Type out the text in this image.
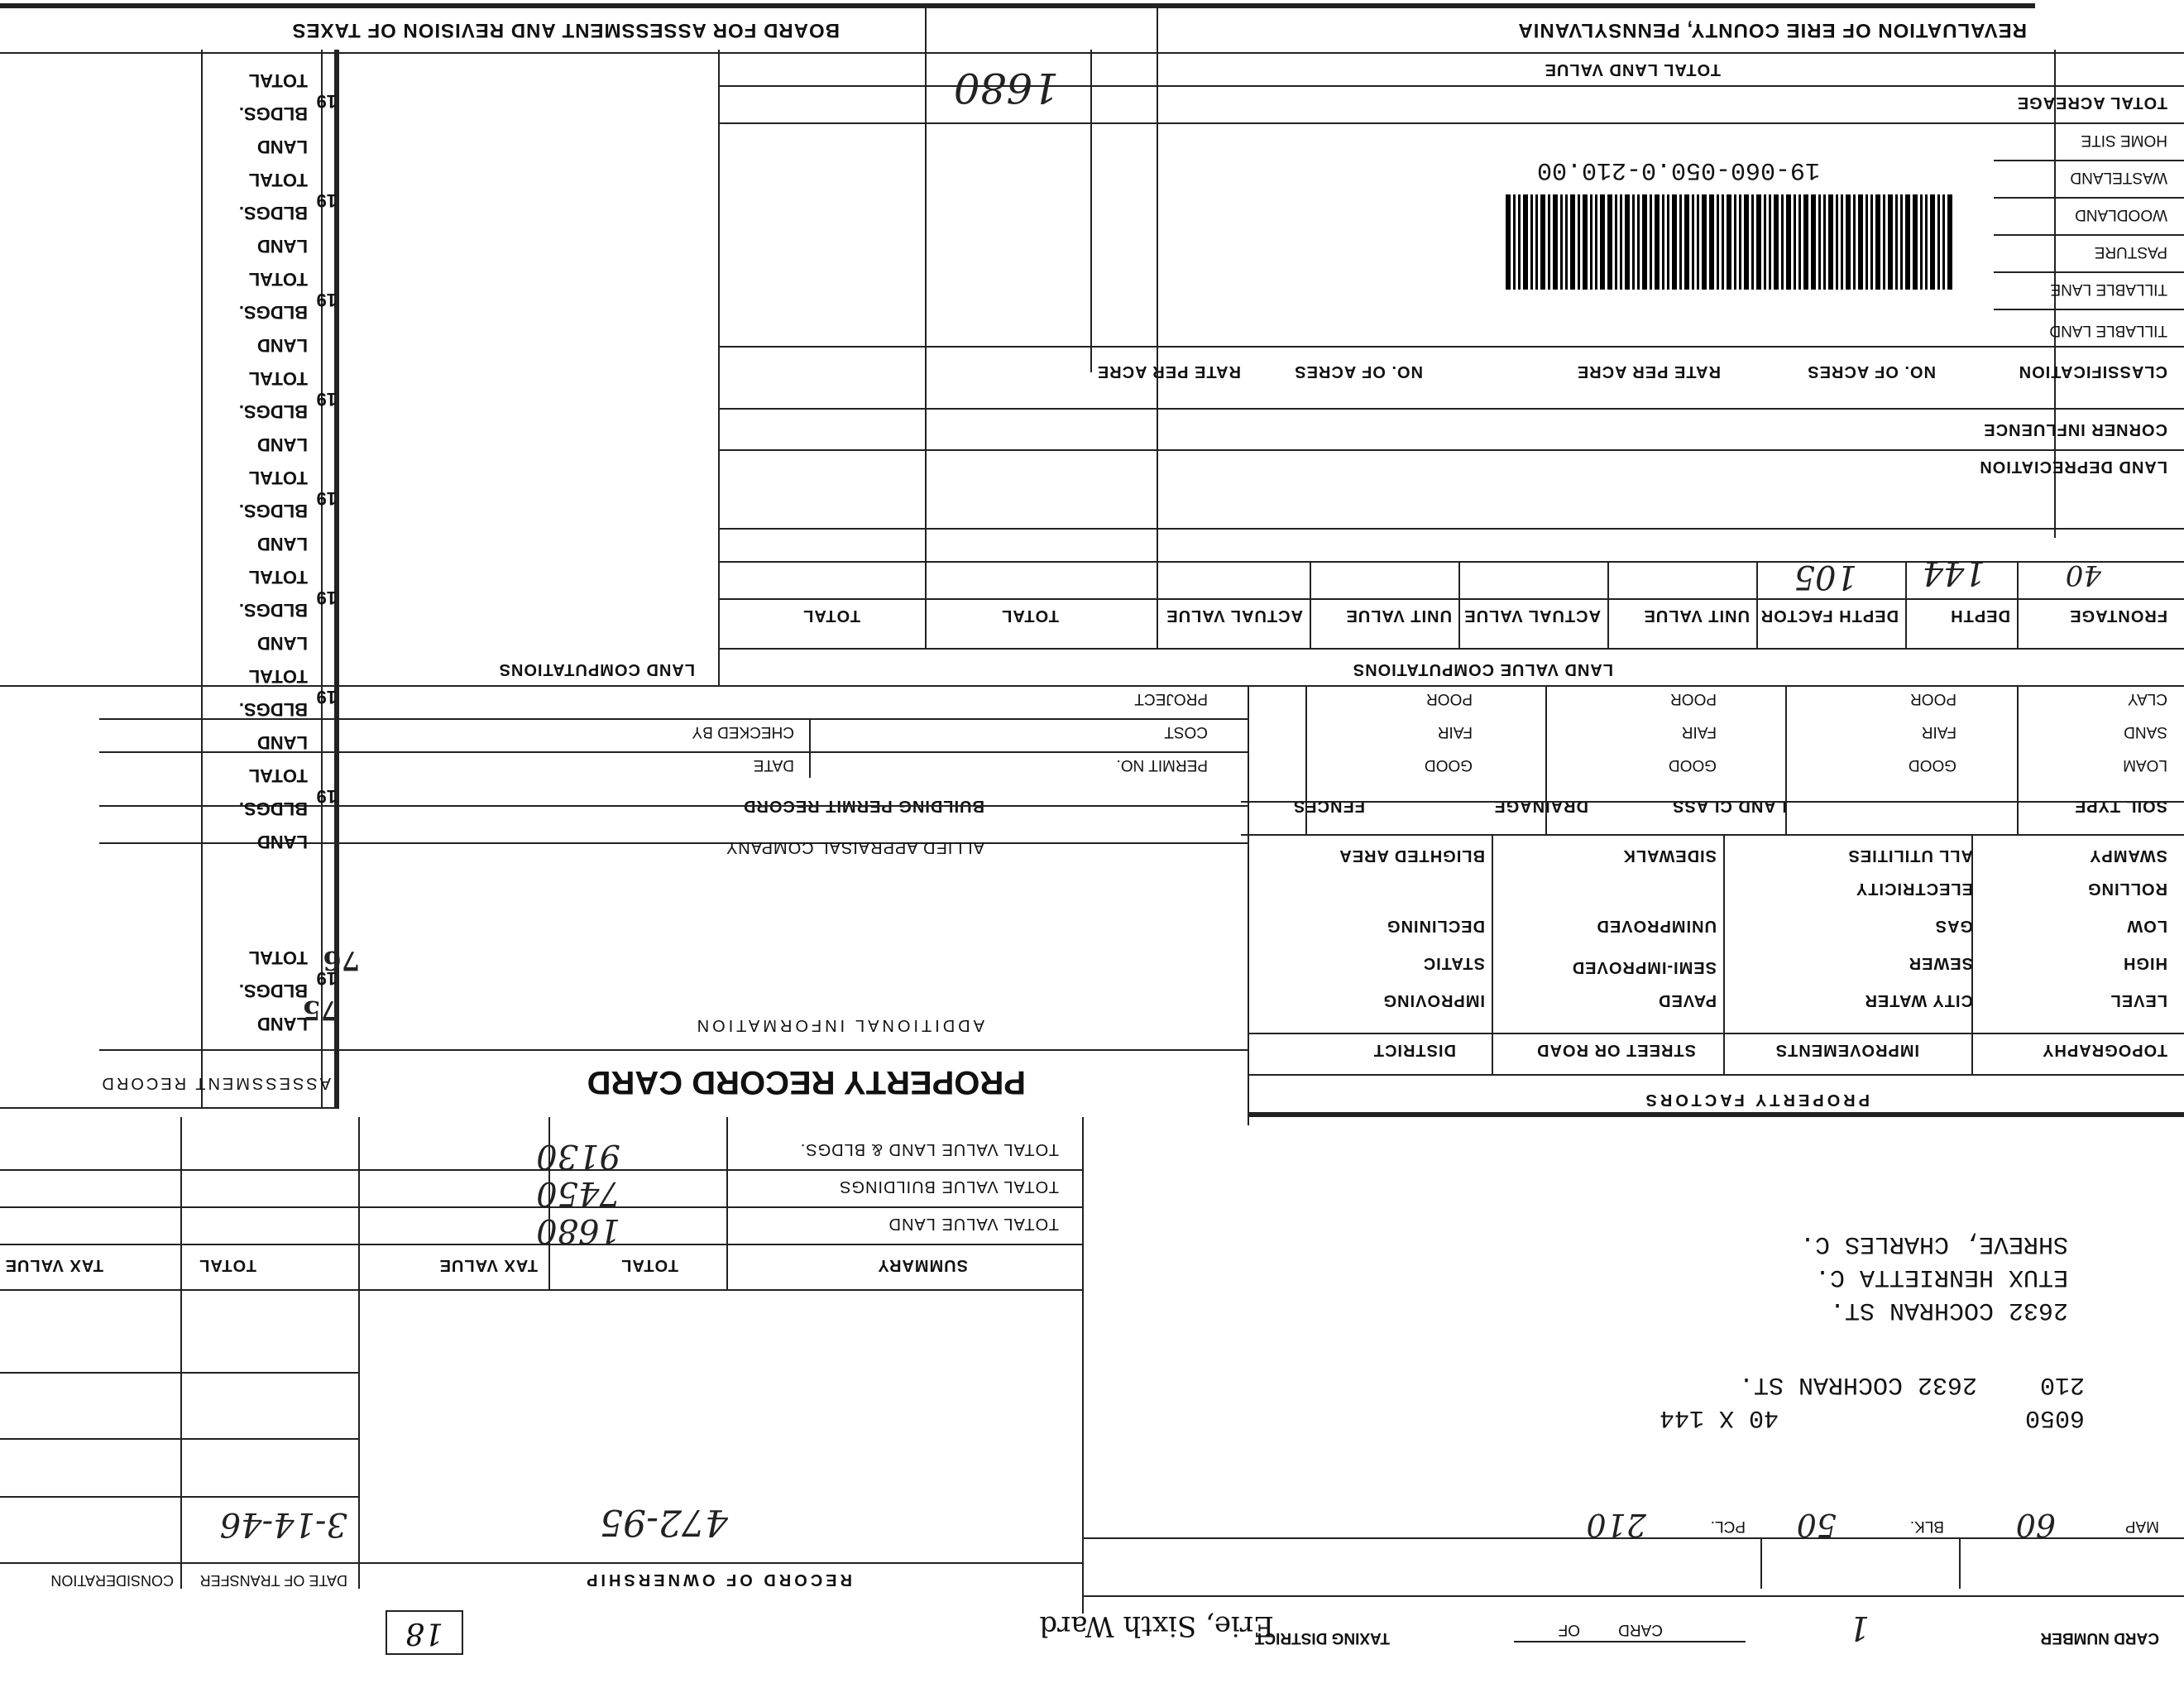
REVALUATION OF ERIE COUNTY, PENNSYLVANIA
BOARD FOR ASSESSMENT AND REVISION OF TAXES
TOTAL ACREAGE
TOTAL LAND VALUE
1680
HOME SITE
WASTELAND
WOODLAND
PASTURE
TILLABLE LANE
TILLABLE LAND
19-060-050.0-210.00
CLASSIFICATION
NO. OF ACRES
RATE PER ACRE
NO. OF ACRES
RATE PER ACRE
CORNER INFLUENCE
LAND DEPRECIATION
FRONTAGE
DEPTH
DEPTH FACTOR
UNIT VALUE
ACTUAL VALUE
UNIT VALUE
ACTUAL VALUE
TOTAL
TOTAL
40
144
105
LAND VALUE COMPUTATIONS
LAND COMPUTATIONS
CLAY
SAND
LOAM
SOIL TYPE
POOR
FAIR
GOOD
LAND CLASS
POOR
FAIR
GOOD
DRAINAGE
POOR
FAIR
GOOD
FENCES
PROJECT
COST
PERMIT NO.
CHECKED BY
DATE
BUILDING PERMIT RECORD
ALLIED APPRAISAL COMPANY
ADDITIONAL INFORMATION
PROPERTY RECORD CARD
SWAMPY
ROLLING
LOW
HIGH
LEVEL
ALL UTILITIES
ELECTRICITY
GAS
SEWER
CITY WATER
SIDEWALK
UNIMPROVED
SEMI-IMPROVED
PAVED
BLIGHTED AREA
DECLINING
STATIC
IMPROVING
TOPOGRAPHY
IMPROVEMENTS
STREET OR ROAD
DISTRICT
PROPERTY FACTORS
TOTAL
BLDGS.
LAND
19
TOTAL
BLDGS.
LAND
19
TOTAL
BLDGS.
LAND
19
TOTAL
BLDGS.
LAND
19
TOTAL
BLDGS.
LAND
19
TOTAL
BLDGS.
LAND
19
TOTAL
BLDGS.
LAND
19
TOTAL
BLDGS.
LAND
19
TOTAL
BLDGS.
LAND
19
75
76
ASSESSMENT RECORD
TOTAL VALUE LAND & BLDGS.
TOTAL VALUE BUILDINGS
TOTAL VALUE LAND
SUMMARY
TOTAL
TAX VALUE
TOTAL
TAX VALUE
9130
7450
1680	SHREVE, CHARLES C.
ETUX HENRIETTA C.
2632 COCHRAN ST.
210
6050
2632 COCHRAN ST.
40 X 144
MAP
60
BLK.
50
PCL.
210
RECORD OF OWNERSHIP
DATE OF TRANSFER
CONSIDERATION
472-95
3-14-46
CARD NUMBER
1
CARD
OF
TAXING DISTRICT
Erie, Sixth Ward
18
